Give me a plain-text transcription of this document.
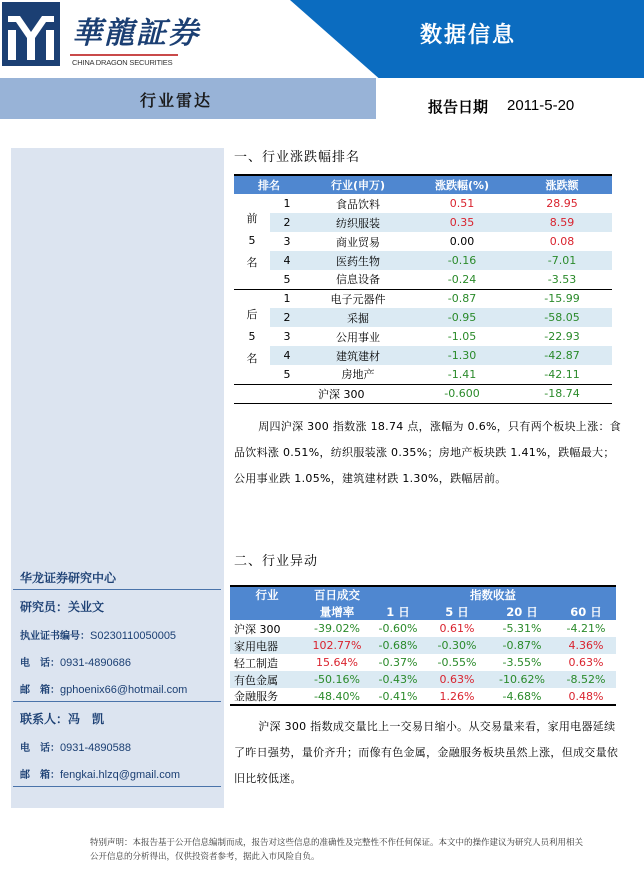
華龍証券
CHINA DRAGON SECURITIES
数据信息
行业雷达	报告日期 2011-5-20
华龙证券研究中心
研究员：关业文
执业证书编号：S0230110050005
电　话：0931-4890686
邮　箱：gphoenix66@hotmail.com
联系人：冯　凯
电　话：0931-4890588
邮　箱：fengkai.hlzq@gmail.com
一、行业涨跌幅排名
排名		行业(申万)	涨跌幅(%)	涨跌额
前
5
名	1	食品饮料	0.51	28.95
	2	纺织服装	0.35	8.59
	3	商业贸易	0.00	0.08
	4	医药生物	-0.16	-7.01
	5	信息设备	-0.24	-3.53
后
5
名	1	电子元器件	-0.87	-15.99
	2	采掘	-0.95	-58.05
	3	公用事业	-1.05	-22.93
	4	建筑建材	-1.30	-42.87
	5	房地产	-1.41	-42.11
		沪深 300	-0.600	-18.74
周四沪深 300 指数涨 18.74 点，涨幅为 0.6%，只有两个板块上涨：食品饮料涨 0.51%，纺织服装涨 0.35%；房地产板块跌 1.41%，跌幅最大；公用事业跌 1.05%，建筑建材跌 1.30%，跌幅居前。
二、行业异动
行业	百日成交	指数收益			
	量增率	1 日	5 日	20 日	60 日
沪深 300	-39.02%	-0.60%	0.61%	-5.31%	-4.21%
家用电器	102.77%	-0.68%	-0.30%	-0.87%	4.36%
轻工制造	15.64%	-0.37%	-0.55%	-3.55%	0.63%
有色金属	-50.16%	-0.43%	0.63%	-10.62%	-8.52%
金融服务	-48.40%	-0.41%	1.26%	-4.68%	0.48%
沪深 300 指数成交量比上一交易日缩小。从交易量来看，家用电器延续了昨日强势，量价齐升；而像有色金属，金融服务板块虽然上涨，但成交量依旧比较低迷。
特别声明：本报告基于公开信息编制而成，报告对这些信息的准确性及完整性不作任何保证。本文中的操作建议为研究人员利用相关公开信息的分析得出，仅供投资者参考，据此入市风险自负。
